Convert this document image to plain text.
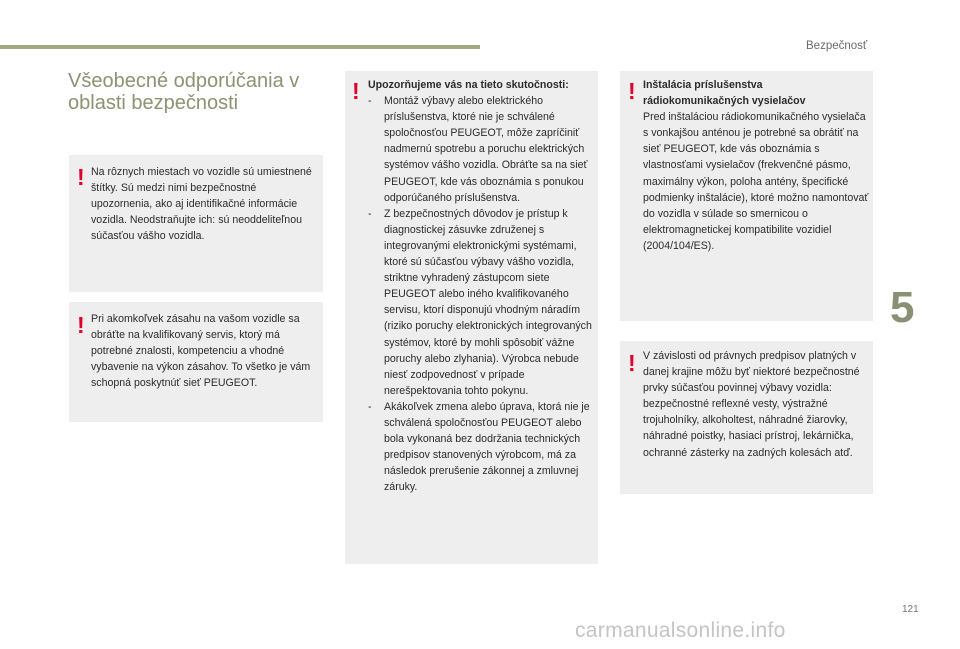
Bezpečnosť
Všeobecné odporúčania v oblasti bezpečnosti
! Na rôznych miestach vo vozidle sú umiestnené štítky. Sú medzi nimi bezpečnostné upozornenia, ako aj identifikačné informácie vozidla. Neodstraňujte ich: sú neoddeliteľnou súčasťou vášho vozidla.

! Pri akomkoľvek zásahu na vašom vozidle sa obráťte na kvalifikovaný servis, ktorý má potrebné znalosti, kompetenciu a vhodné vybavenie na výkon zásahov. To všetko je vám schopná poskytnúť sieť PEUGEOT.

! Upozorňujeme vás na tieto skutočnosti:

- Montáž výbavy alebo elektrického príslušenstva, ktoré nie je schválené spoločnosťou PEUGEOT, môže zapríčiniť nadmernú spotrebu a poruchu elektrických systémov vášho vozidla. Obráťte sa na sieť PEUGEOT, kde vás oboznámia s ponukou odporúčaného príslušenstva.
- Z bezpečnostných dôvodov je prístup k diagnostickej zásuvke združenej s integrovanými elektronickými systémami, ktoré sú súčasťou výbavy vášho vozidla, striktne vyhradený zástupcom siete PEUGEOT alebo iného kvalifikovaného servisu, ktorí disponujú vhodným náradím (riziko poruchy elektronických integrovaných systémov, ktoré by mohli spôsobiť vážne poruchy alebo zlyhania). Výrobca nebude niesť zodpovednosť v prípade nerešpektovania tohto pokynu.
- Akákoľvek zmena alebo úprava, ktorá nie je schválená spoločnosťou PEUGEOT alebo bola vykonaná bez dodržania technických predpisov stanovených výrobcom, má za následok prerušenie zákonnej a zmluvnej záruky.
! Inštalácia príslušenstva rádiokomunikačných vysielačov

Pred inštaláciou rádiokomunikačného vysielača s vonkajšou anténou je potrebné sa obrátiť na sieť PEUGEOT, kde vás oboznámia s vlastnosťami vysielačov (frekvenčné pásmo, maximálny výkon, poloha antény, špecifické podmienky inštalácie), ktoré možno namontovať do vozidla v súlade so smernicou o elektromagnetickej kompatibilite vozidiel (2004/104/ES).

! V závislosti od právnych predpisov platných v danej krajine môžu byť niektoré bezpečnostné prvky súčasťou povinnej výbavy vozidla: bezpečnostné reflexné vesty, výstražné trojuholníky, alkoholtest, náhradné žiarovky, náhradné poistky, hasiaci prístroj, lekárnička, ochranné zásterky na zadných kolesách atď.

5
121
carmanualsonline.info
